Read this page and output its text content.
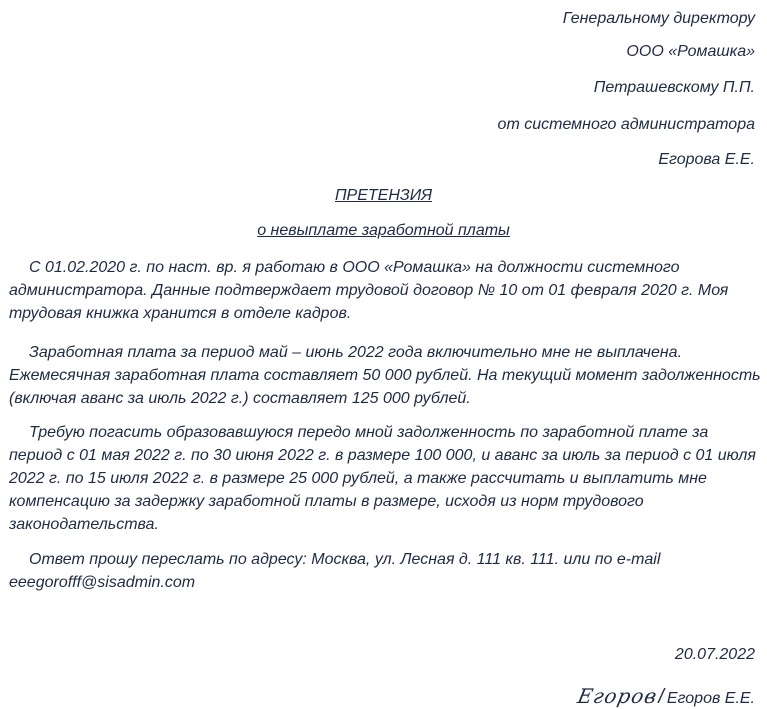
Генеральному директору
ООО «Ромашка»
Петрашевскому П.П.
от системного администратора
Егорова Е.Е.
ПРЕТЕНЗИЯ
о невыплате заработной платы
С 01.02.2020 г. по наст. вр. я работаю в ООО «Ромашка» на должности системного администратора. Данные подтверждает трудовой договор № 10 от 01 февраля 2020 г. Моя трудовая книжка хранится в отделе кадров.
Заработная плата за период май – июнь 2022 года включительно мне не выплачена. Ежемесячная заработная плата составляет 50 000 рублей. На текущий момент задолженность (включая аванс за июль 2022 г.) составляет 125 000 рублей.
Требую погасить образовавшуюся передо мной задолженность по заработной плате за период с 01 мая 2022 г. по 30 июня 2022 г. в размере 100 000, и аванс за июль за период с 01 июля 2022 г. по 15 июля 2022 г. в размере 25 000 рублей, а также рассчитать и выплатить мне компенсацию за задержку заработной платы в размере, исходя из норм трудового законодательства.
Ответ прошу переслать по адресу: Москва, ул. Лесная д. 111 кв. 111. или по e-mail eeegorofff@sisadmin.com
20.07.2022
Егоров
/ Егоров Е.Е.
